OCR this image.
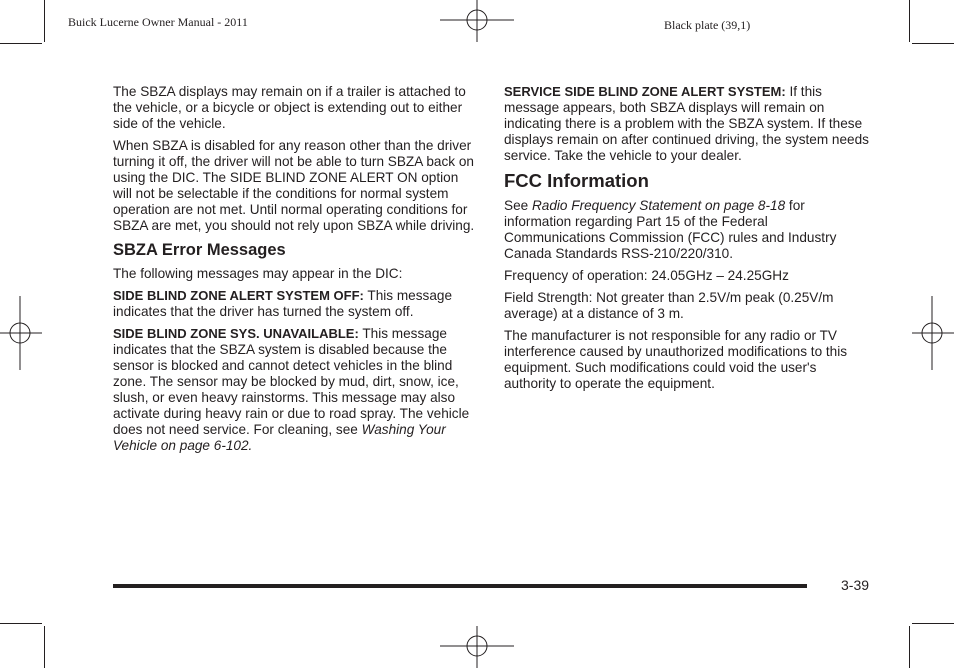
Buick Lucerne Owner Manual - 2011	Black plate (39,1)

The SBZA displays may remain on if a trailer is attached to the vehicle, or a bicycle or object is extending out to either side of the vehicle.

When SBZA is disabled for any reason other than the driver turning it off, the driver will not be able to turn SBZA back on using the DIC. The SIDE BLIND ZONE ALERT ON option will not be selectable if the conditions for normal system operation are not met. Until normal operating conditions for SBZA are met, you should not rely upon SBZA while driving.

SBZA Error Messages

The following messages may appear in the DIC:

SIDE BLIND ZONE ALERT SYSTEM OFF: This message indicates that the driver has turned the system off.

SIDE BLIND ZONE SYS. UNAVAILABLE: This message indicates that the SBZA system is disabled because the sensor is blocked and cannot detect vehicles in the blind zone. The sensor may be blocked by mud, dirt, snow, ice, slush, or even heavy rainstorms. This message may also activate during heavy rain or due to road spray. The vehicle does not need service. For cleaning, see Washing Your Vehicle on page 6‑102.

SERVICE SIDE BLIND ZONE ALERT SYSTEM: If this message appears, both SBZA displays will remain on indicating there is a problem with the SBZA system. If these displays remain on after continued driving, the system needs service. Take the vehicle to your dealer.

FCC Information

See Radio Frequency Statement on page 8‑18 for information regarding Part 15 of the Federal Communications Commission (FCC) rules and Industry Canada Standards RSS-210/220/310.

Frequency of operation: 24.05GHz – 24.25GHz

Field Strength: Not greater than 2.5V/m peak (0.25V/m average) at a distance of 3 m.

The manufacturer is not responsible for any radio or TV interference caused by unauthorized modifications to this equipment. Such modifications could void the user's authority to operate the equipment.

3-39
